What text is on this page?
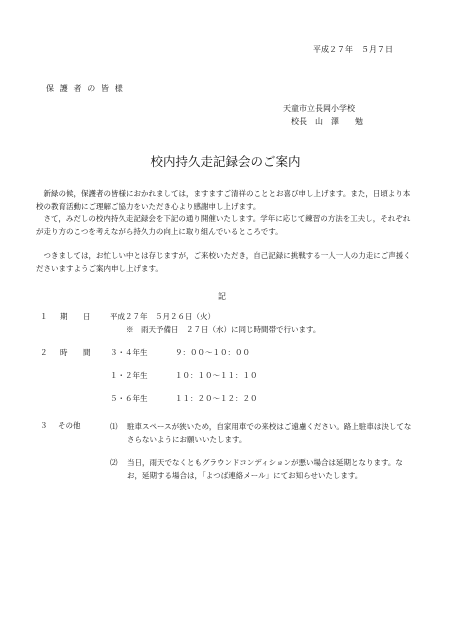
平成２７年　５月７日
保 護 者 の 皆 様
天童市立長岡小学校
校長　山　澤　　勉
校内持久走記録会のご案内
新緑の候，保護者の皆様におかれましては，ますますご清祥のこととお喜び申し上げます。また，日頃より本校の教育活動にご理解ご協力をいただき心より感謝申し上げます。
さて，みだしの校内持久走記録会を下記の通り開催いたします。学年に応じて練習の方法を工夫し，それぞれが走り方のこつを考えながら持久力の向上に取り組んでいるところです。
つきましては，お忙しい中とは存じますが，ご来校いただき，自己記録に挑戦する一人一人の力走にご声援くださいますようご案内申し上げます。
記
１ 期　日 平成２７年　５月２６日（火）
※　雨天予備日　２７日（水）に同じ時間帯で行います。
２ 時　間 ３・４年生	９：００～１０：００
１・２年生	１０：１０～１１：１０
５・６年生	１１：２０～１２：２０
３ その他	⑴ 駐車スペースが狭いため，自家用車での来校はご遠慮ください。路上駐車は決してなさらないようにお願いいたします。
⑵ 当日，雨天でなくともグラウンドコンディションが悪い場合は延期となります。なお，延期する場合は，「よつば連絡メール」にてお知らせいたします。
